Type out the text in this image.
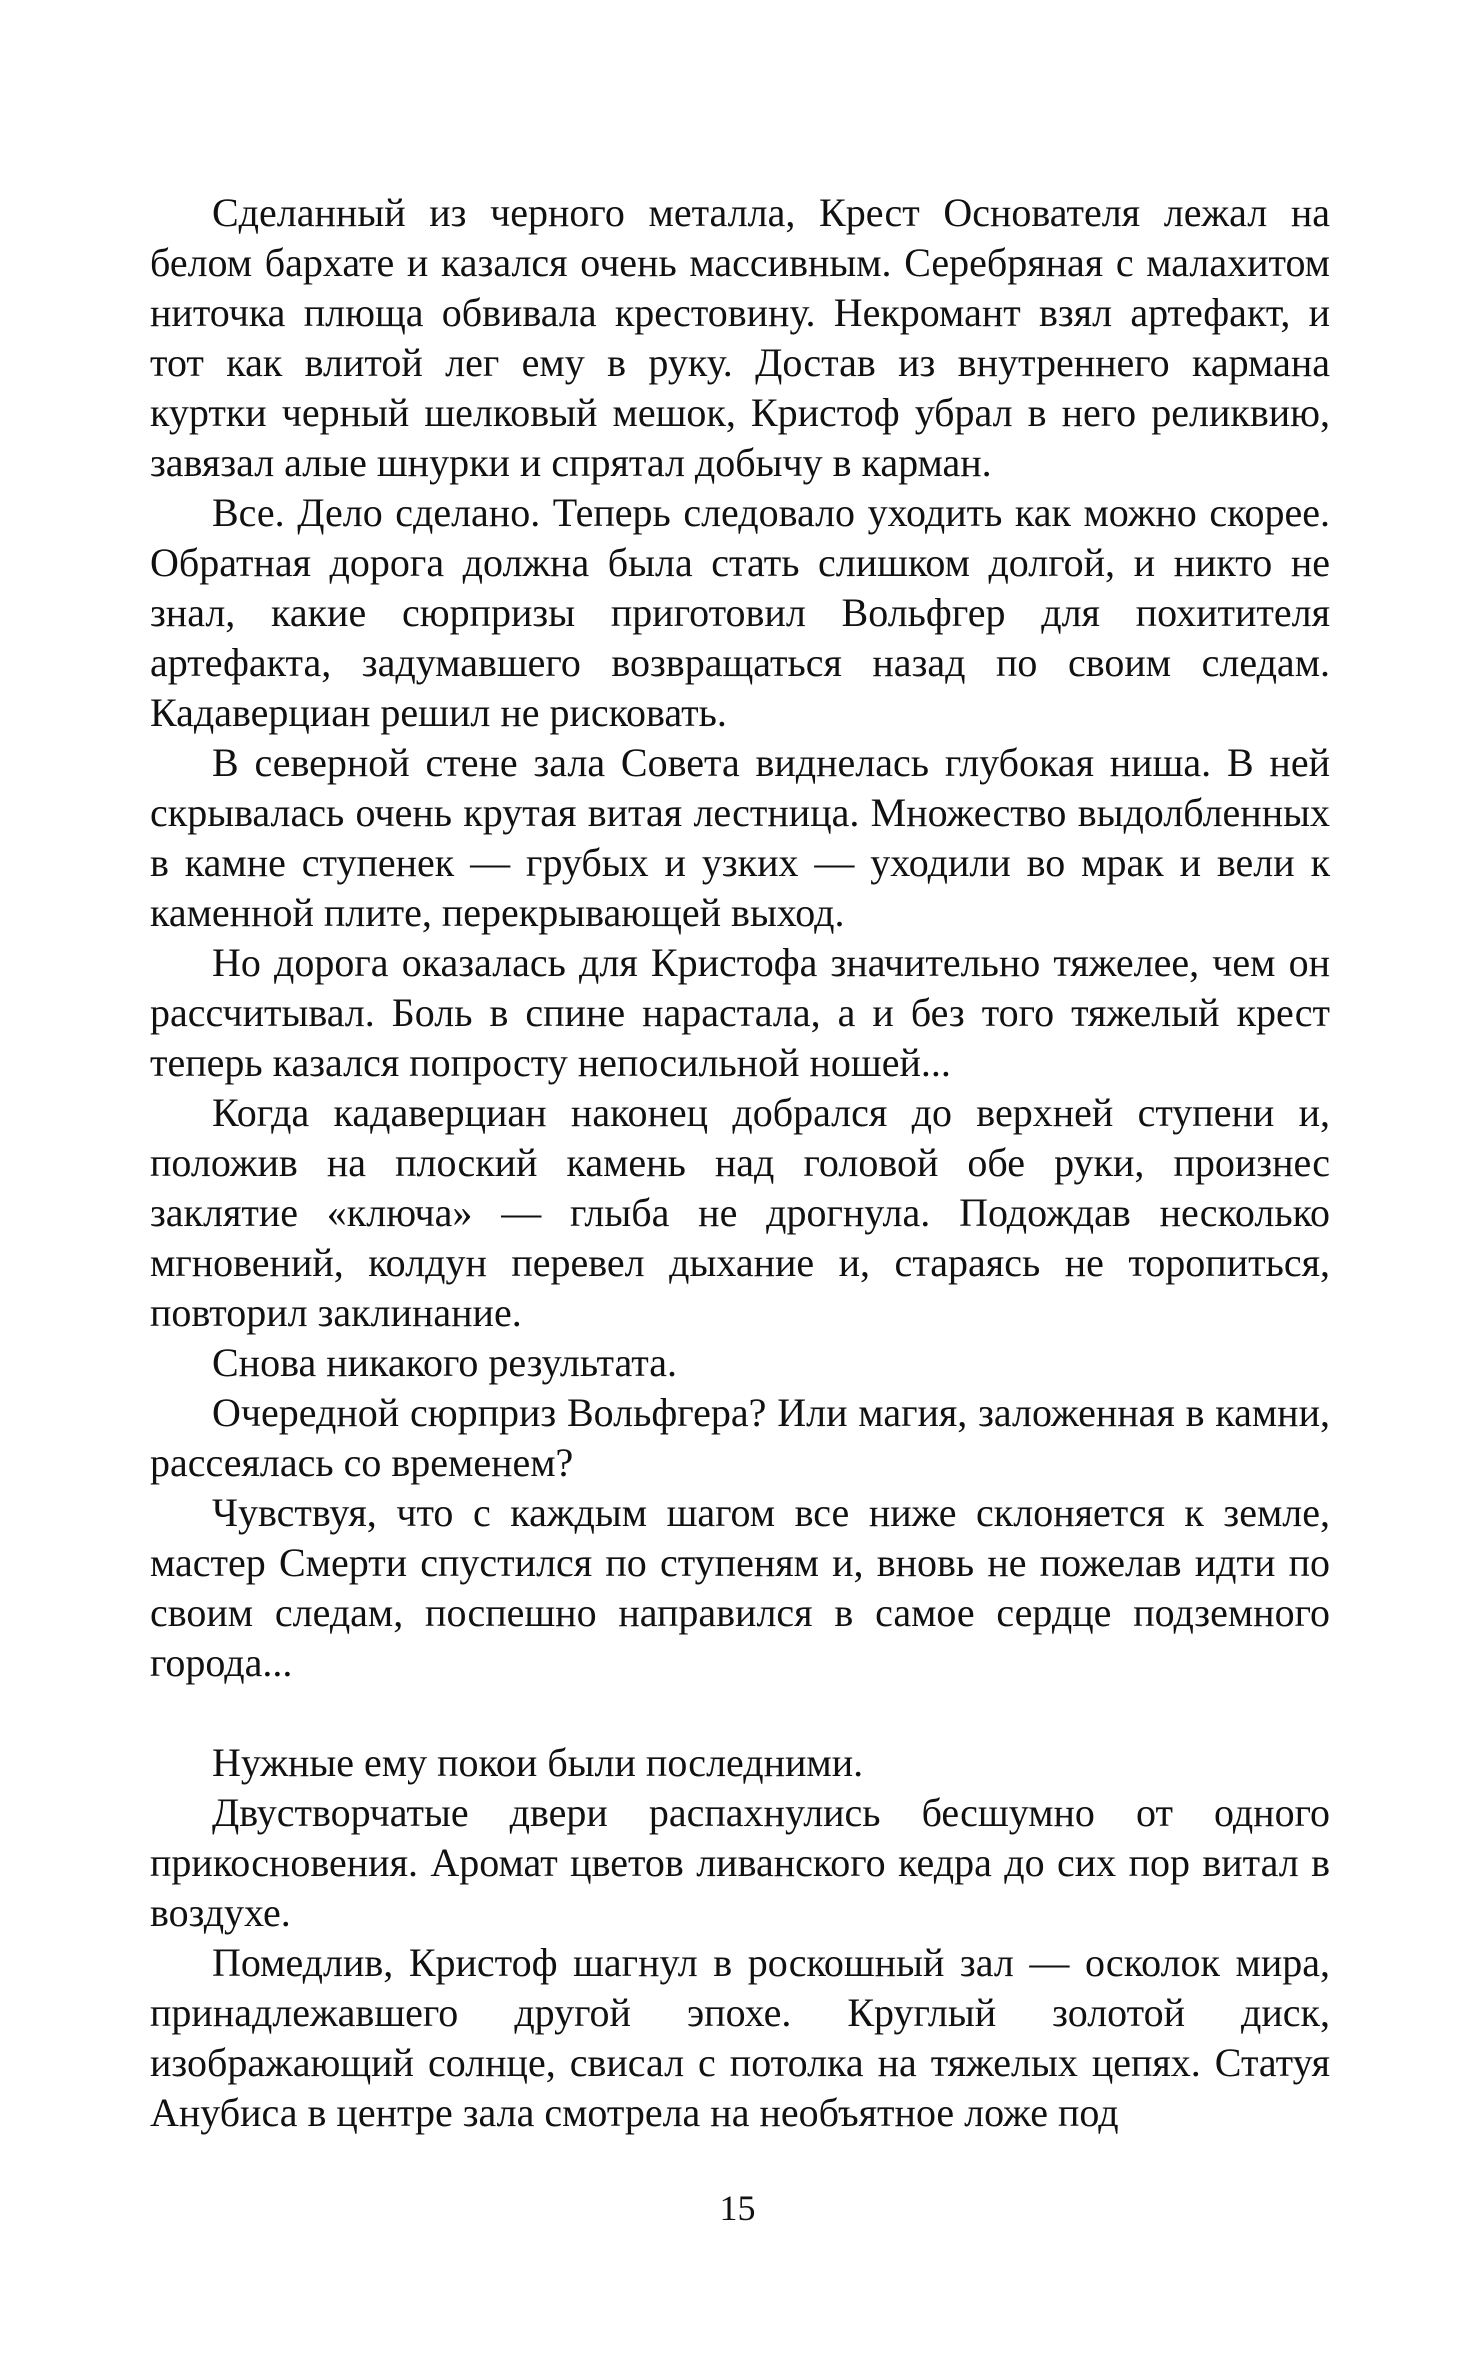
Сделанный из черного металла, Крест Основателя лежал на белом бархате и казался очень массивным. Серебряная с малахитом ниточка плюща обвивала крестовину. Некромант взял артефакт, и тот как влитой лег ему в руку. Достав из внутреннего кармана куртки черный шелковый мешок, Кристоф убрал в него реликвию, завязал алые шнурки и спрятал добычу в карман.

Все. Дело сделано. Теперь следовало уходить как можно скорее. Обратная дорога должна была стать слишком долгой, и никто не знал, какие сюрпризы приготовил Вольфгер для похитителя артефакта, задумавшего возвращаться назад по своим следам. Кадаверциан решил не рисковать.

В северной стене зала Совета виднелась глубокая ниша. В ней скрывалась очень крутая витая лестница. Множество выдолбленных в камне ступенек — грубых и узких — уходили во мрак и вели к каменной плите, перекрывающей выход.

Но дорога оказалась для Кристофа значительно тяжелее, чем он рассчитывал. Боль в спине нарастала, а и без того тяжелый крест теперь казался попросту непосильной ношей...

Когда кадаверциан наконец добрался до верхней ступени и, положив на плоский камень над головой обе руки, произнес заклятие «ключа» — глыба не дрогнула. Подождав несколько мгновений, колдун перевел дыхание и, стараясь не торопиться, повторил заклинание.

Снова никакого результата.

Очередной сюрприз Вольфгера? Или магия, заложенная в камни, рассеялась со временем?

Чувствуя, что с каждым шагом все ниже склоняется к земле, мастер Смерти спустился по ступеням и, вновь не пожелав идти по своим следам, поспешно направился в самое сердце подземного города...

Нужные ему покои были последними.

Двустворчатые двери распахнулись бесшумно от одного прикосновения. Аромат цветов ливанского кедра до сих пор витал в воздухе.

Помедлив, Кристоф шагнул в роскошный зал — осколок мира, принадлежавшего другой эпохе. Круглый золотой диск, изображающий солнце, свисал с потолка на тяжелых цепях. Статуя Анубиса в центре зала смотрела на необъятное ложе под

15
